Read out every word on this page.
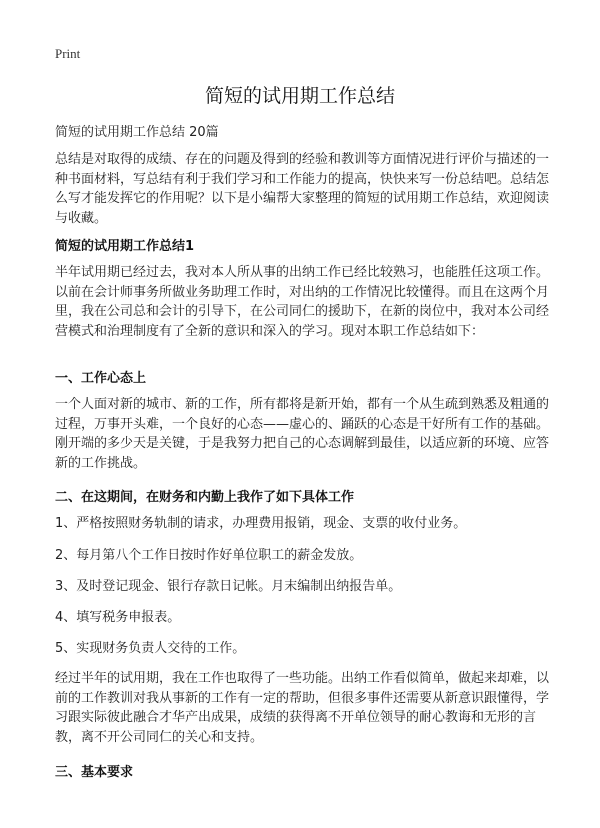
Print
简短的试用期工作总结
简短的试用期工作总结 20篇

总结是对取得的成绩、存在的问题及得到的经验和教训等方面情况进行评价与描述的一种书面材料，写总结有利于我们学习和工作能力的提高，快快来写一份总结吧。总结怎么写才能发挥它的作用呢？以下是小编帮大家整理的简短的试用期工作总结，欢迎阅读与收藏。

简短的试用期工作总结1

半年试用期已经过去，我对本人所从事的出纳工作已经比较熟习，也能胜任这项工作。以前在会计师事务所做业务助理工作时，对出纳的工作情况比较懂得。而且在这两个月里，我在公司总和会计的引导下，在公司同仁的援助下，在新的岗位中，我对本公司经营模式和治理制度有了全新的意识和深入的学习。现对本职工作总结如下：

一、工作心态上

一个人面对新的城市、新的工作，所有都将是新开始，都有一个从生疏到熟悉及粗通的过程，万事开头难，一个良好的心态——虚心的、踊跃的心态是干好所有工作的基础。刚开端的多少天是关键，于是我努力把自己的心态调解到最佳，以适应新的环境、应答新的工作挑战。

二、在这期间，在财务和内勤上我作了如下具体工作

1、严格按照财务轨制的请求，办理费用报销，现金、支票的收付业务。

2、每月第八个工作日按时作好单位职工的薪金发放。

3、及时登记现金、银行存款日记帐。月末编制出纳报告单。

4、填写税务申报表。

5、实现财务负责人交待的工作。

经过半年的试用期，我在工作也取得了一些功能。出纳工作看似简单，做起来却难，以前的工作教训对我从事新的工作有一定的帮助，但很多事件还需要从新意识跟懂得，学习跟实际彼此融合才华产出成果，成绩的获得离不开单位领导的耐心教诲和无形的言教，离不开公司同仁的关心和支持。

三、基本要求
